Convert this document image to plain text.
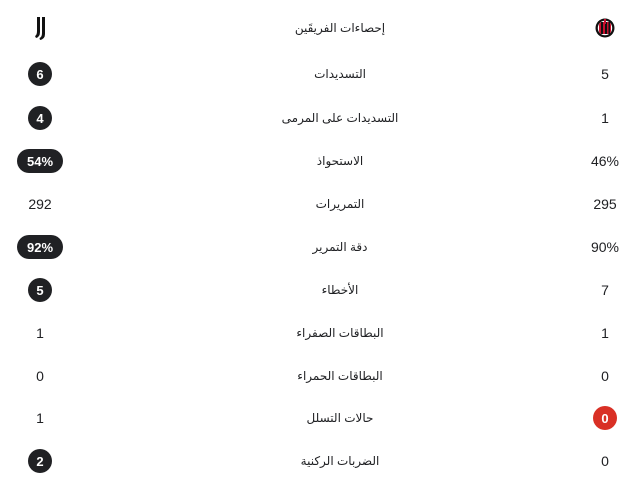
إحصاءات الفريقَين
6	التسديدات	5
4	التسديدات على المرمى	1
54%	الاستحواذ	46%
292	التمريرات	295
92%	دقة التمرير	90%
5	الأخطاء	7
1	البطاقات الصفراء	1
0	البطاقات الحمراء	0
1	حالات التسلل	0
2	الضربات الركنية	0
